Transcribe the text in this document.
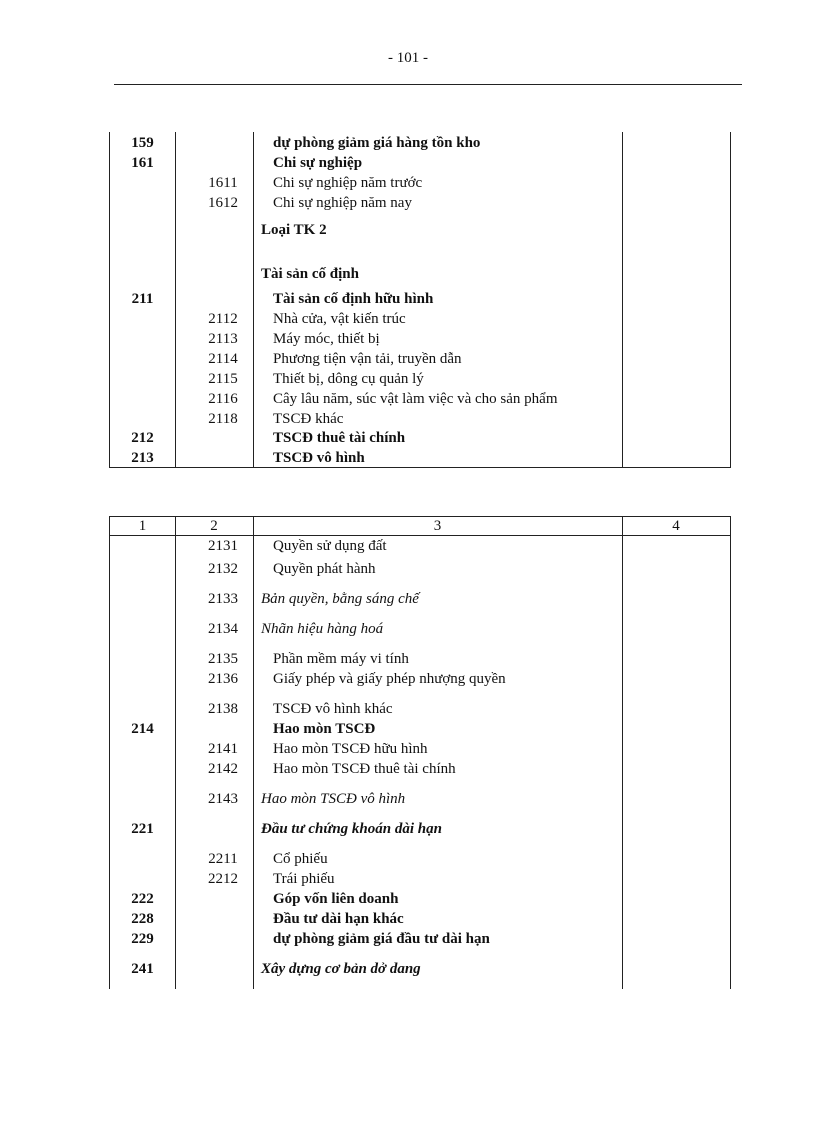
- 101 -
159	dự phòng giảm giá hàng tồn kho
161	Chi sự nghiệp
1611	Chi sự nghiệp năm trước
1612	Chi sự nghiệp năm nay
Loại TK 2
Tài sản cố định
211	Tài sản cố định hữu hình
2112	Nhà cửa, vật kiến trúc
2113	Máy móc, thiết bị
2114	Phương tiện vận tải, truyền dẫn
2115	Thiết bị, dông cụ quản lý
2116	Cây lâu năm, súc vật làm việc và cho sản phẩm
2118	TSCĐ khác
212	TSCĐ thuê tài chính
213	TSCĐ vô hình
1	2	3	4
2131	Quyền sử dụng đất
2132	Quyền phát hành
2133	Bản quyền, bằng sáng chế
2134	Nhãn hiệu hàng hoá
2135	Phần mềm máy vi tính
2136	Giấy phép và giấy phép nhượng quyền
2138	TSCĐ vô hình khác
214	Hao mòn TSCĐ
2141	Hao mòn TSCĐ hữu hình
2142	Hao mòn TSCĐ thuê tài chính
2143	Hao mòn TSCĐ vô hình
221	Đầu tư chứng khoán dài hạn
2211	Cổ phiếu
2212	Trái phiếu
222	Góp vốn liên doanh
228	Đầu tư dài hạn khác
229	dự phòng giảm giá đầu tư dài hạn
241	Xây dựng cơ bản dở dang
